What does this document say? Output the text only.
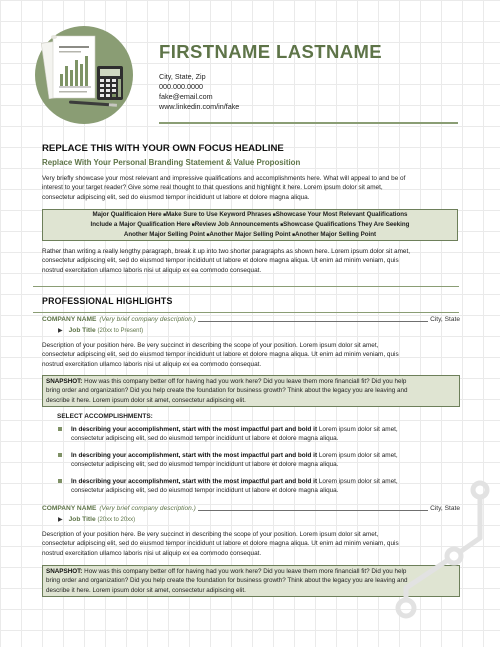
FIRSTNAME LASTNAME
City, State, Zip
000.000.0000
fake@email.com
www.linkedin.com/in/fake
REPLACE THIS WITH YOUR OWN FOCUS HEADLINE
Replace With Your Personal Branding Statement & Value Proposition
Very briefly showcase your most relevant and impressive qualifications and accomplishments here. What will appeal to and be of
interest to your target reader? Give some real thought to that questions and highlight it here. Lorem ipsum dolor sit amet,
consectetur adipiscing elit, sed do eiusmod tempor incididunt ut labore et dolore magna aliqua.
Major Qualificaion Here ■ Make Sure to Use Keyword Phrases ■ Showcase Your Most Relevant Qualifications
Include a Major Qualification Here ■ Review Job Announcements ■ Showcase Qualifications They Are Seeking
Another Major Selling Point ■ Another Major Selling Point ■ Another Major Selling Point
Rather than writing a really lengthy paragraph, break it up into two shorter paragraphs as shown here. Lorem ipsum dolor sit amet,
consectetur adipiscing elit, sed do eiusmod tempor incididunt ut labore et dolore magna aliqua. Ut enim ad minim veniam, quis
nostrud exercitation ullamco laboris nisi ut aliquip ex ea commodo consequat.
PROFESSIONAL HIGHLIGHTS
COMPANY NAME (Very brief company description.)	City, State
▶ Job Title (20xx to Present)
Description of your position here. Be very succinct in describing the scope of your position. Lorem ipsum dolor sit amet,
consectetur adipiscing elit, sed do eiusmod tempor incididunt ut labore et dolore magna aliqua. Ut enim ad minim veniam, quis
nostrud exercitation ullamco laboris nisi ut aliquip ex ea commodo consequat.
SNAPSHOT: How was this company better off for having had you work here? Did you leave them more financiall fit? Did you help
bring order and organization? Did you help create the foundation for business growth? Think about the legacy you are leaving and
describe it here. Lorem ipsum dolor sit amet, consectetur adipiscing elit.
SELECT ACCOMPLISHMENTS:
In describing your accomplishment, start with the most impactful part and bold it Lorem ipsum dolor sit amet,
consectetur adipiscing elit, sed do eiusmod tempor incididunt ut labore et dolore magna aliqua.
In describing your accomplishment, start with the most impactful part and bold it Lorem ipsum dolor sit amet,
consectetur adipiscing elit, sed do eiusmod tempor incididunt ut labore et dolore magna aliqua.
In describing your accomplishment, start with the most impactful part and bold it Lorem ipsum dolor sit amet,
consectetur adipiscing elit, sed do eiusmod tempor incididunt ut labore et dolore magna aliqua.
COMPANY NAME (Very brief company description.)	City, State
▶ Job Title (20xx to 20xx)
Description of your position here. Be very succinct in describing the scope of your position. Lorem ipsum dolor sit amet,
consectetur adipiscing elit, sed do eiusmod tempor incididunt ut labore et dolore magna aliqua. Ut enim ad minim veniam, quis
nostrud exercitation ullamco laboris nisi ut aliquip ex ea commodo consequat.
SNAPSHOT: How was this company better off for having had you work here? Did you leave them more financiall fit? Did you help
bring order and organization? Did you help create the foundation for business growth? Think about the legacy you are leaving and
describe it here. Lorem ipsum dolor sit amet, consectetur adipiscing elit.
